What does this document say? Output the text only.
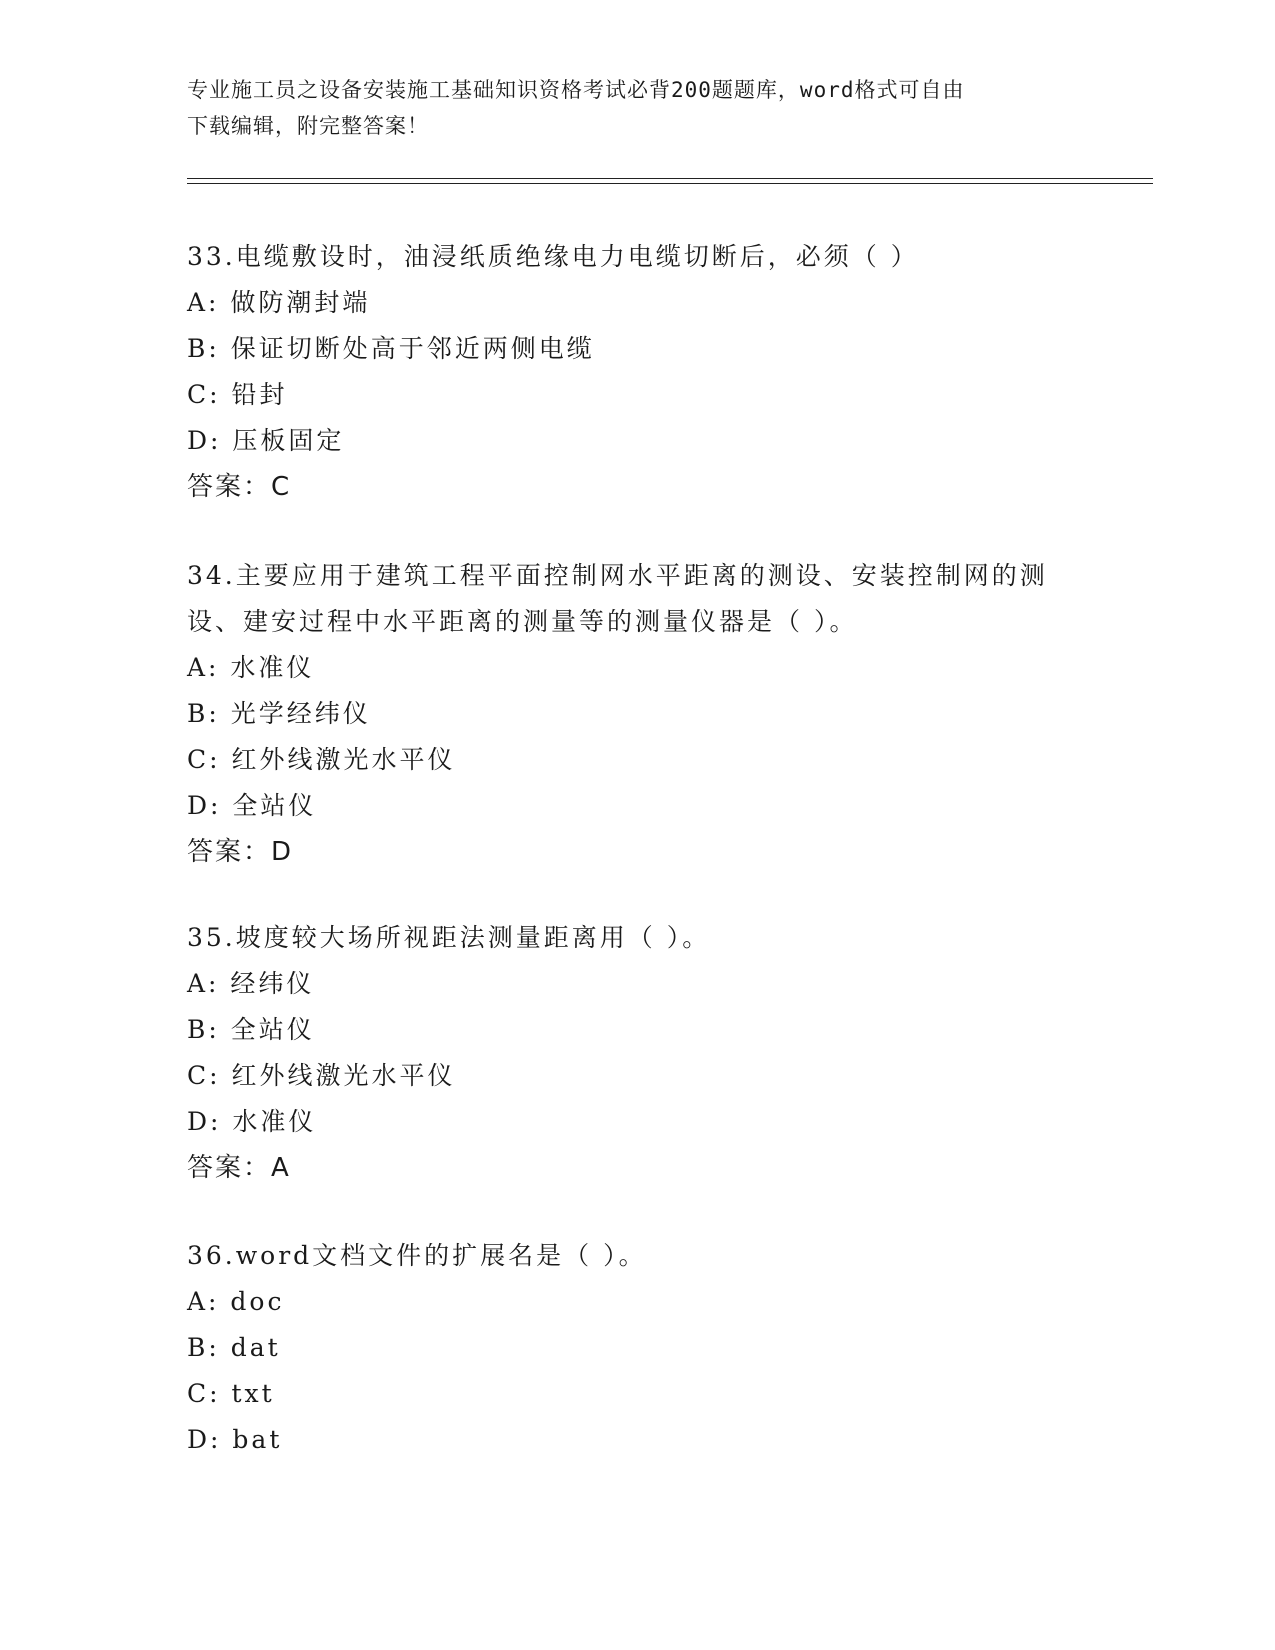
专业施工员之设备安装施工基础知识资格考试必背200题题库，word格式可自由
下载编辑，附完整答案！

33.电缆敷设时，油浸纸质绝缘电力电缆切断后，必须（ ）

A: 做防潮封端

B: 保证切断处高于邻近两侧电缆

C: 铅封

D: 压板固定

答案：C

34.主要应用于建筑工程平面控制网水平距离的测设、安装控制网的测

设、建安过程中水平距离的测量等的测量仪器是（ ）。

A: 水准仪

B: 光学经纬仪

C: 红外线激光水平仪

D: 全站仪

答案：D

35.坡度较大场所视距法测量距离用（ ）。

A: 经纬仪

B: 全站仪

C: 红外线激光水平仪

D: 水准仪

答案：A

36.word文档文件的扩展名是（ ）。

A: doc

B: dat

C: txt

D: bat
